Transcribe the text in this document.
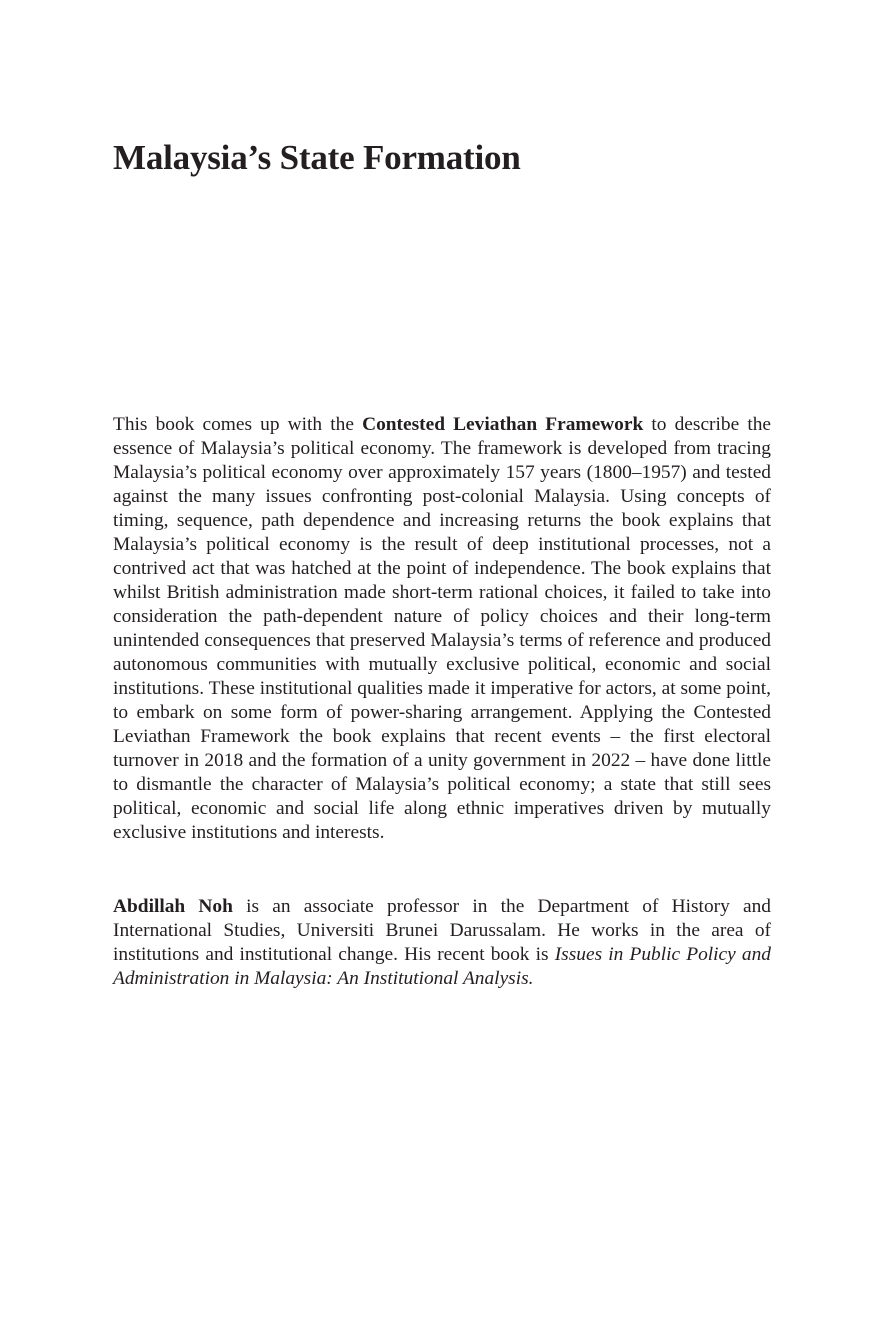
Malaysia’s State Formation

This book comes up with the Contested Leviathan Framework to describe the essence of Malaysia’s political economy. The framework is developed from tracing Malaysia’s political economy over approximately 157 years (1800–1957) and tested against the many issues confronting post-colonial Malaysia. Using concepts of timing, sequence, path dependence and increasing returns the book explains that Malaysia’s political economy is the result of deep institutional processes, not a contrived act that was hatched at the point of independence. The book explains that whilst British administration made short-term rational choices, it failed to take into consideration the path-dependent nature of policy choices and their long-term unintended consequences that preserved Malaysia’s terms of reference and produced autonomous communities with mutually exclusive political, economic and social institutions. These institutional qualities made it imperative for actors, at some point, to embark on some form of power-sharing arrangement. Applying the Contested Leviathan Framework the book explains that recent events – the first electoral turnover in 2018 and the formation of a unity government in 2022 – have done little to dismantle the character of Malaysia’s political economy; a state that still sees political, economic and social life along ethnic imperatives driven by mutually exclusive institutions and interests.

Abdillah Noh is an associate professor in the Department of History and International Studies, Universiti Brunei Darussalam. He works in the area of institutions and institutional change. His recent book is Issues in Public Policy and Administration in Malaysia: An Institutional Analysis.
